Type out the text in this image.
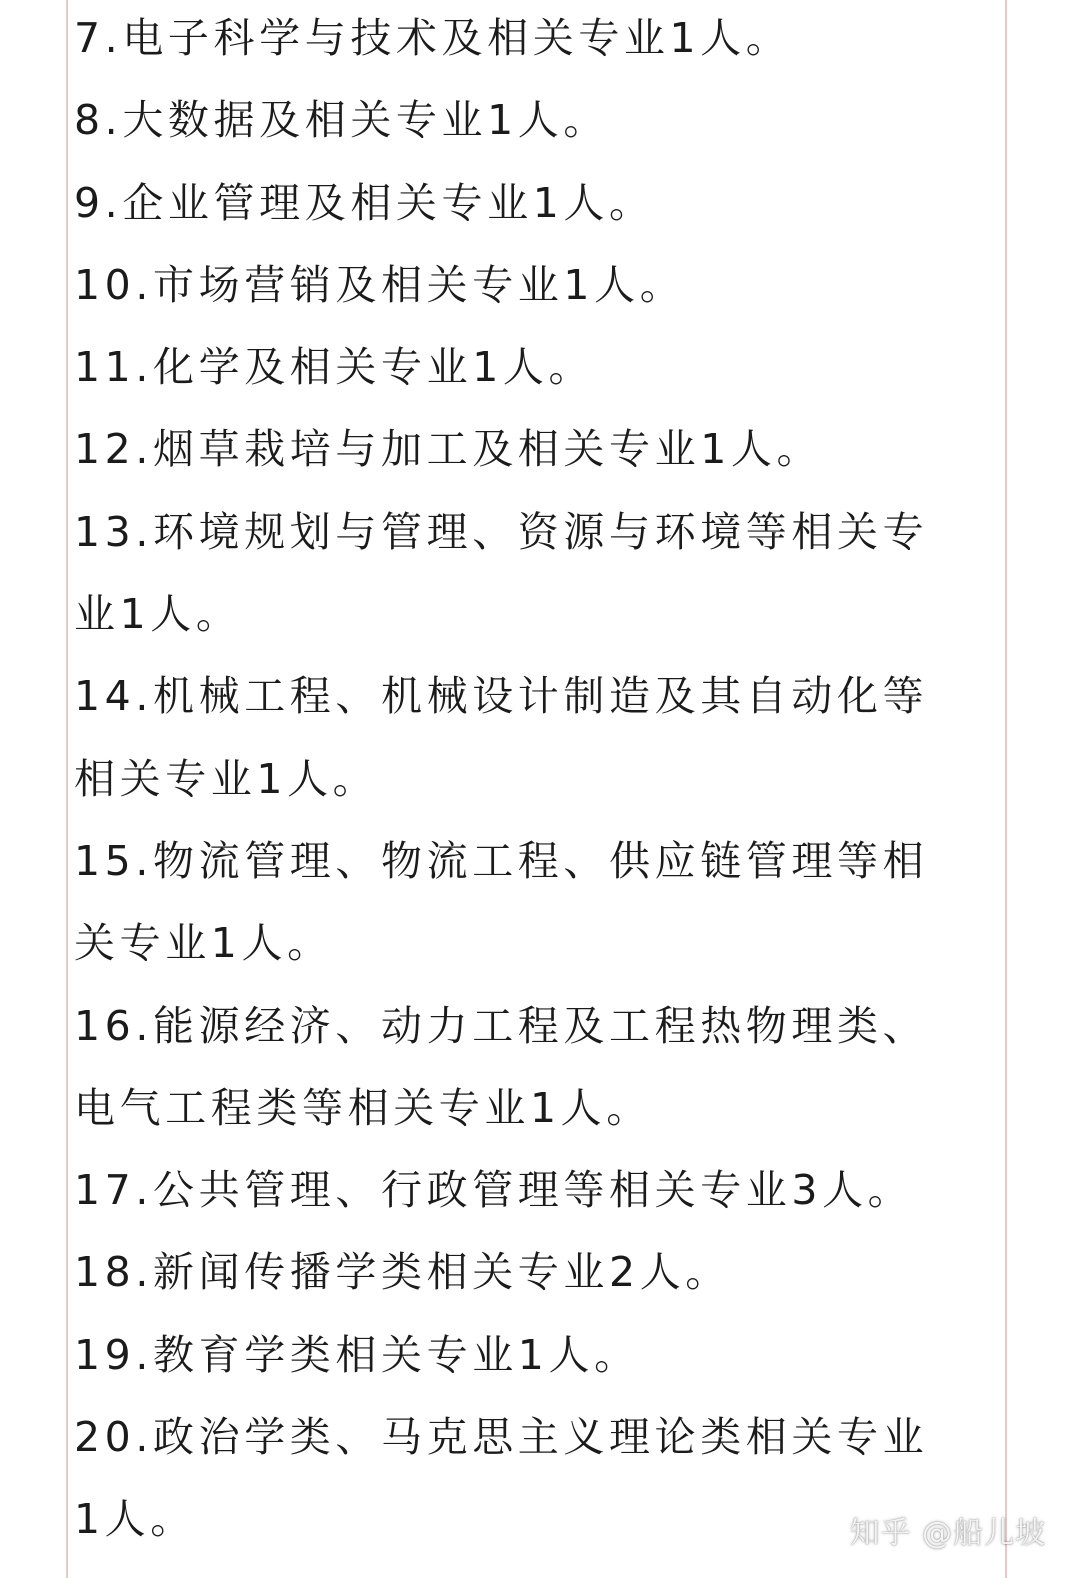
7.电子科学与技术及相关专业1人。
8.大数据及相关专业1人。
9.企业管理及相关专业1人。
10.市场营销及相关专业1人。
11.化学及相关专业1人。
12.烟草栽培与加工及相关专业1人。
13.环境规划与管理、资源与环境等相关专
业1人。
14.机械工程、机械设计制造及其自动化等
相关专业1人。
15.物流管理、物流工程、供应链管理等相
关专业1人。
16.能源经济、动力工程及工程热物理类、
电气工程类等相关专业1人。
17.公共管理、行政管理等相关专业3人。
18.新闻传播学类相关专业2人。
19.教育学类相关专业1人。
20.政治学类、马克思主义理论类相关专业
1人。	知乎 @船儿坡
